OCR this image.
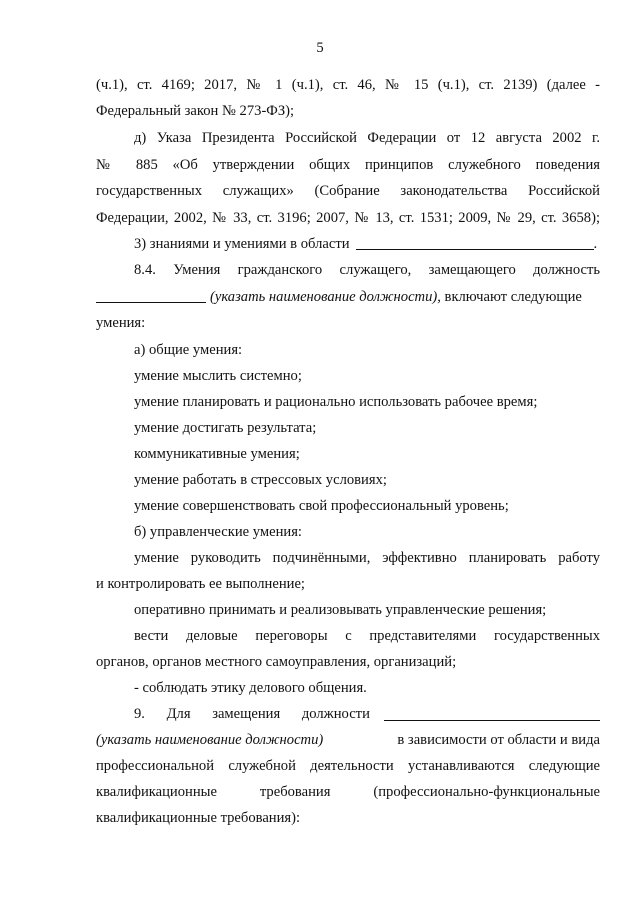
5
(ч.1), ст. 4169; 2017, № 1 (ч.1), ст. 46, № 15 (ч.1), ст. 2139) (далее -
Федеральный закон № 273-ФЗ);
д) Указа Президента Российской Федерации от 12 августа 2002 г.
№ 885 «Об утверждении общих принципов служебного поведения
государственных служащих» (Собрание законодательства Российской
Федерации, 2002, № 33, ст. 3196; 2007, № 13, ст. 1531; 2009, № 29, ст. 3658);
3) знаниями и умениями в области	.
8.4. Умения гражданского служащего, замещающего должность
(указать наименование должности), включают следующие
умения:
а) общие умения:
умение мыслить системно;
умение планировать и рационально использовать рабочее время;
умение достигать результата;
коммуникативные умения;
умение работать в стрессовых условиях;
умение совершенствовать свой профессиональный уровень;
б) управленческие умения:
умение руководить подчинёнными, эффективно планировать работу
и контролировать ее выполнение;
оперативно принимать и реализовывать управленческие решения;
вести деловые переговоры с представителями государственных
органов, органов местного самоуправления, организаций;
- соблюдать этику делового общения.
9. Для замещения должности
(указать наименование должности)	в зависимости от области и вида
профессиональной служебной деятельности устанавливаются следующие
квалификационные	требования	(профессионально-функциональные
квалификационные требования):
